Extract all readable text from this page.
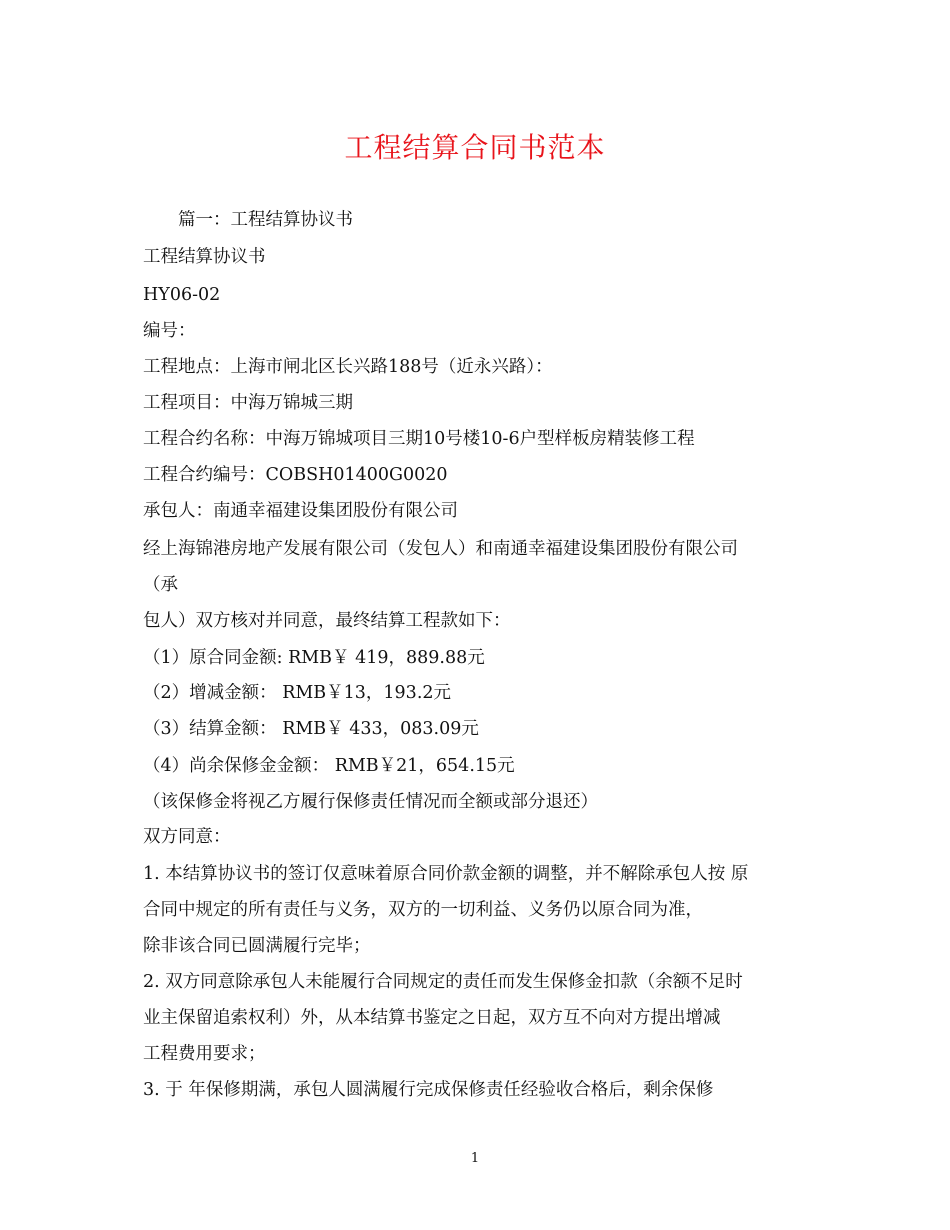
工程结算合同书范本
篇一：工程结算协议书
工程结算协议书
HY06-02
编号：
工程地点：上海市闸北区长兴路188号（近永兴路）：
工程项目：中海万锦城三期
工程合约名称：中海万锦城项目三期10号楼10-6户型样板房精装修工程
工程合约编号：COBSH01400G0020
承包人：南通幸福建设集团股份有限公司
经上海锦港房地产发展有限公司（发包人）和南通幸福建设集团股份有限公司
（承
包人）双方核对并同意，最终结算工程款如下：
（1）原合同金额: RMB￥ 419，889.88元
（2）增减金额： RMB￥13，193.2元
（3）结算金额： RMB￥ 433，083.09元
（4）尚余保修金金额： RMB￥21，654.15元
（该保修金将视乙方履行保修责任情况而全额或部分退还）
双方同意：
1. 本结算协议书的签订仅意味着原合同价款金额的调整，并不解除承包人按 原
合同中规定的所有责任与义务，双方的一切利益、义务仍以原合同为准，
除非该合同已圆满履行完毕；
2. 双方同意除承包人未能履行合同规定的责任而发生保修金扣款（余额不足时
业主保留追索权利）外，从本结算书鉴定之日起，双方互不向对方提出增减
工程费用要求；
3. 于 年保修期满，承包人圆满履行完成保修责任经验收合格后，剩余保修
1
